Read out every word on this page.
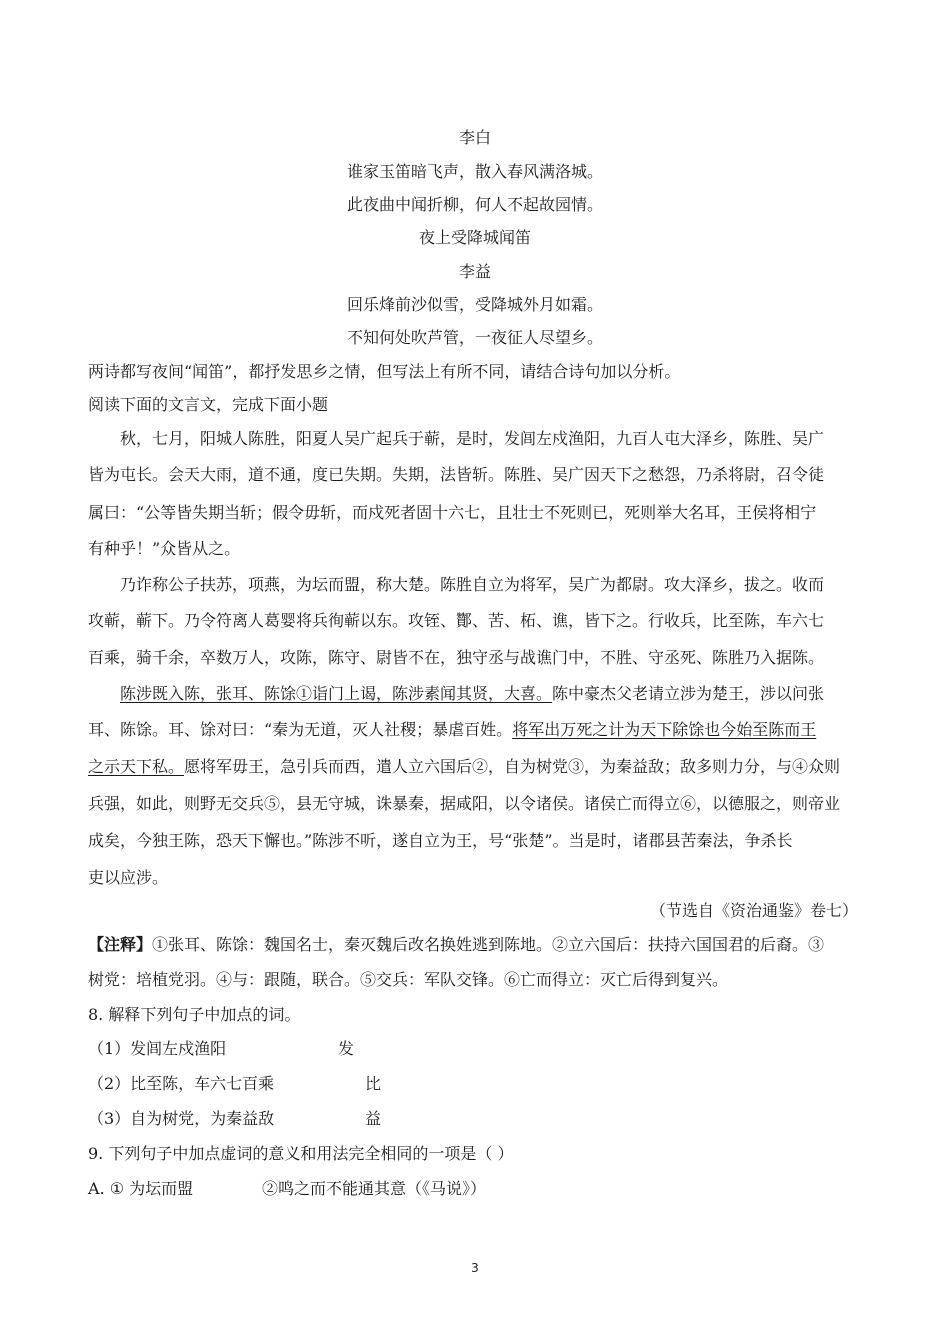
李白
谁家玉笛暗飞声，散入春风满洛城。
此夜曲中闻折柳，何人不起故园情。
夜上受降城闻笛
李益
回乐烽前沙似雪，受降城外月如霜。
不知何处吹芦管，一夜征人尽望乡。
两诗都写夜间“闻笛”，都抒发思乡之情，但写法上有所不同，请结合诗句加以分析。
阅读下面的文言文，完成下面小题
秋，七月，阳城人陈胜，阳夏人吴广起兵于蕲，是时，发闾左戍渔阳，九百人屯大泽乡，陈胜、吴广
皆为屯长。会天大雨，道不通，度已失期。失期，法皆斩。陈胜、吴广因天下之愁怨，乃杀将尉，召令徒
属曰：“公等皆失期当斩；假令毋斩，而戍死者固十六七，且壮士不死则已，死则举大名耳，王侯将相宁
有种乎！”众皆从之。
乃诈称公子扶苏，项燕，为坛而盟，称大楚。陈胜自立为将军，吴广为都尉。攻大泽乡，拔之。收而
攻蕲，蕲下。乃令符离人葛婴将兵徇蕲以东。攻铚、酇、苦、柘、谯，皆下之。行收兵，比至陈，车六七
百乘，骑千余，卒数万人，攻陈，陈守、尉皆不在，独守丞与战谯门中，不胜、守丞死、陈胜乃入据陈。
陈涉既入陈，张耳、陈馀①诣门上谒，陈涉素闻其贤，大喜。陈中豪杰父老请立涉为楚王，涉以问张
耳、陈馀。耳、馀对曰：“秦为无道，灭人社稷；暴虐百姓。将军出万死之计为天下除馀也今始至陈而王
之示天下私。愿将军毋王，急引兵而西，遣人立六国后②，自为树党③，为秦益敌；敌多则力分，与④众则
兵强，如此，则野无交兵⑤，县无守城，诛暴秦，据咸阳，以令诸侯。诸侯亡而得立⑥，以德服之，则帝业
成矣，今独王陈，恐天下懈也。”陈涉不听，遂自立为王，号“张楚”。当是时，诸郡县苦秦法，争杀长
吏以应涉。
（节选自《资治通鉴》卷七）
【注释】①张耳、陈馀：魏国名士，秦灭魏后改名换姓逃到陈地。②立六国后：扶持六国国君的后裔。③
树党：培植党羽。④与：跟随，联合。⑤交兵：军队交锋。⑥亡而得立：灭亡后得到复兴。
8. 解释下列句子中加点的词。
（1）发闾左戍渔阳	发
（2）比至陈，车六七百乘	比
（3）自为树党，为秦益敌	益
9. 下列句子中加点虚词的意义和用法完全相同的一项是（ ）
A. ① 为坛而盟	②鸣之而不能通其意（《马说》）
3
